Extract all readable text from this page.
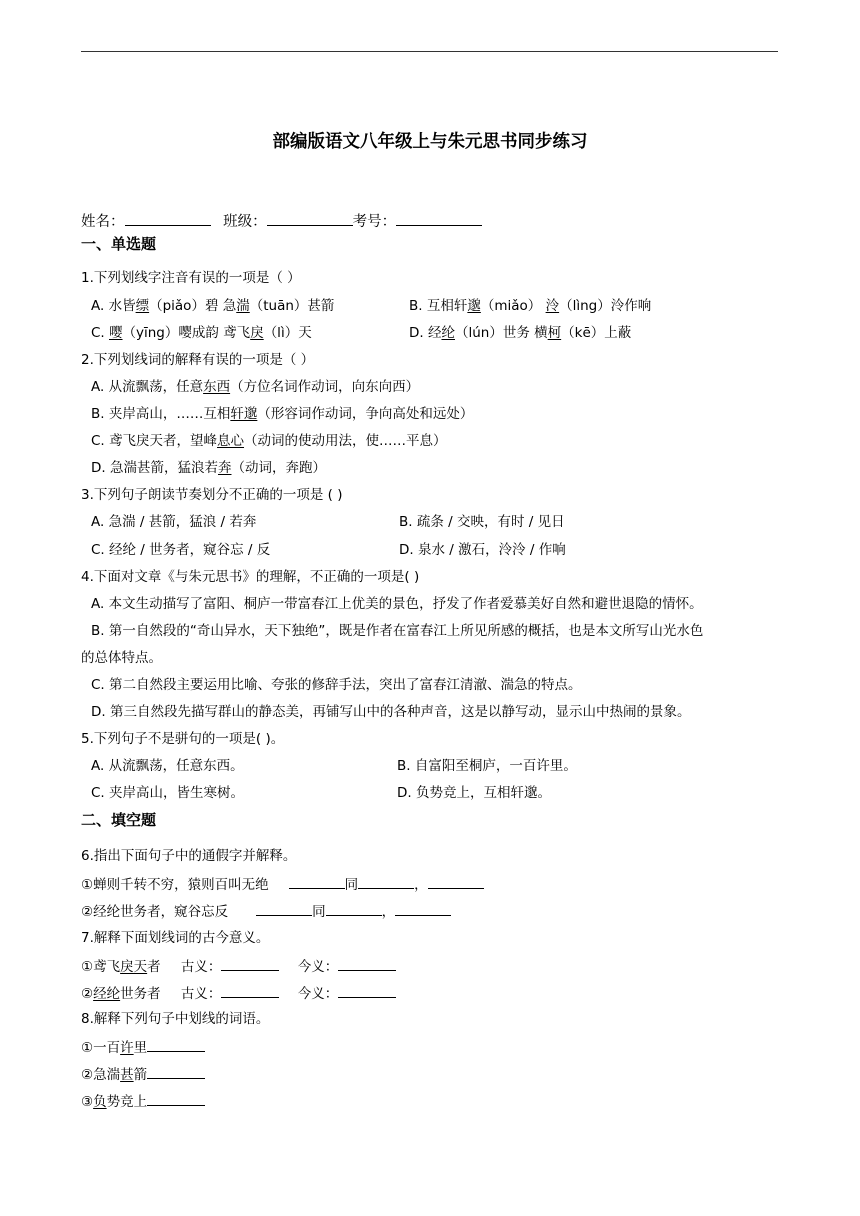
部编版语文八年级上与朱元思书同步练习
姓名：	班级：	考号：
一、单选题
1.下列划线字注音有误的一项是（ ）
A. 水皆缥（piǎo）碧 急湍（tuān）甚箭	B. 互相轩邈（miǎo） 泠（lìng）泠作响
C. 嘤（yīng）嘤成韵 鸢飞戾（lì）天	D. 经纶（lún）世务 横柯（kē）上蔽
2.下列划线词的解释有误的一项是（ ）
A. 从流飘荡，任意东西（方位名词作动词，向东向西）
B. 夹岸高山，……互相轩邈（形容词作动词，争向高处和远处）
C. 鸢飞戾天者，望峰息心（动词的使动用法，使……平息）
D. 急湍甚箭，猛浪若奔（动词，奔跑）
3.下列句子朗读节奏划分不正确的一项是 ( )
A. 急湍 / 甚箭，猛浪 / 若奔	B. 疏条 / 交映，有时 / 见日
C. 经纶 / 世务者，窥谷忘 / 反	D. 泉水 / 激石，泠泠 / 作响
4.下面对文章《与朱元思书》的理解，不正确的一项是( )
A. 本文生动描写了富阳、桐庐一带富春江上优美的景色，抒发了作者爱慕美好自然和避世退隐的情怀。
B. 第一自然段的“奇山异水，天下独绝”，既是作者在富春江上所见所感的概括，也是本文所写山光水色
的总体特点。
C. 第二自然段主要运用比喻、夸张的修辞手法，突出了富春江清澈、湍急的特点。
D. 第三自然段先描写群山的静态美，再铺写山中的各种声音，这是以静写动，显示山中热闹的景象。
5.下列句子不是骈句的一项是( )。
A. 从流飘荡，任意东西。	B. 自富阳至桐庐，一百许里。
C. 夹岸高山，皆生寒树。	D. 负势竞上，互相轩邈。
二、填空题
6.指出下面句子中的通假字并解释。
①蝉则千转不穷，猿则百叫无绝	同	，
②经纶世务者，窥谷忘反	同	，
7.解释下面划线词的古今意义。
①鸢飞戾天者 古义：	今义：
②经纶世务者 古义：	今义：
8.解释下列句子中划线的词语。
①一百许里
②急湍甚箭
③负势竞上
